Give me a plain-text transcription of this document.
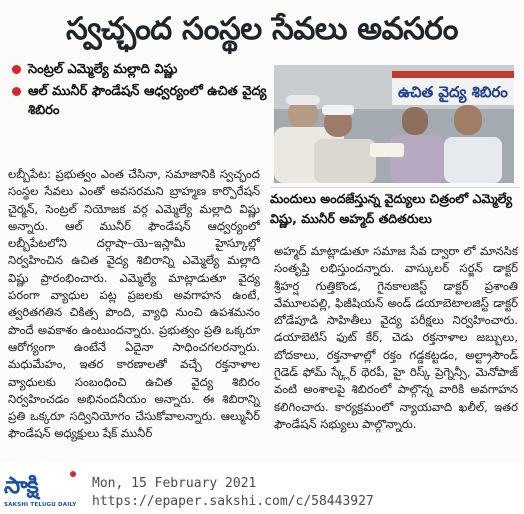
స్వచ్ఛంద సంస్థల సేవలు అవసరం
సెంట్రల్ ఎమ్మెల్యే మల్లాది విష్ణు
ఆల్ మునీర్ ఫౌండేషన్ ఆధ్వర్యంలో ఉచిత వైద్య శిబిరం
ఉచిత వైద్య శిబిరం
మందులు అందజేస్తున్న వైద్యులు చిత్రంలో ఎమ్మెల్యే విష్ణు, మునీర్ అహ్మద్ తదితరులు

లబ్బీపేట: ప్రభుత్వం ఎంత చేసినా, సమాజానికి స్వచ్ఛంద సంస్థల సేవలు ఎంతో అవసరమని బ్రాహ్మణ కార్పొరేషన్ చైర్మన్, సెంట్రల్ నియోజక వర్గ ఎమ్మెల్యే మల్లాది విష్ణు అన్నారు. ఆల్ మునీర్ ఫౌండేషన్ ఆధ్వర్యంలో లబ్బీపేటలోని దర్గాషా–యె–ఇస్లామీ హైస్కూల్లో నిర్వహించిన ఉచిత వైద్య శిబిరాన్ని ఎమ్మెల్యే మల్లాది విష్ణు ప్రారంభించారు. ఎమ్మెల్యే మాట్లాడుతూ వైద్య పరంగా వ్యాధుల పట్ల ప్రజలకు అవగాహన ఉంటే, త్వరితగతిన చికిత్స పొంది, వ్యాధి నుంచి ఉపశమనం పొందే అవకాశం ఉంటుందన్నారు. ప్రభుత్వం ప్రతి ఒక్కరూ ఆరోగ్యంగా ఉంటేనే ఏదైనా సాధించగలరన్నారు. మధుమేహం, ఇతర కారణాలతో వచ్చే రక్తనాళాల వ్యాధులకు సంబంధించి ఉచిత వైద్య శిబిరం నిర్వహించడం అభినందనీయం అన్నారు. ఈ శిబిరాన్ని ప్రతి ఒక్కరూ సద్వినియోగం చేసుకోవాలన్నారు. ఆల్మునీర్ ఫౌండేషన్ అధ్యక్షులు షేక్ మునీర్

అహ్మద్ మాట్లాడుతూ సమాజ సేవ ద్వారా లో మానసిక సంతృప్తి లభిస్తుందన్నారు. వాస్కులర్ సర్జన్ డాక్టర్ శ్రీహర్ష గుత్తికొండ, గైనకాలజిస్ట్ డాక్టర్ ప్రశాంతి వేమూలపల్లి, ఫిజీషియన్ అండ్ డయాబెటాలజిస్ట్ డాక్టర్ బోడేపూడి సాహితీలు వైద్య పరీక్షలు నిర్వహించారు. డయాబెటిస్ ఫుట్ కేర్, చెడు రక్తనాళాల జబ్బులు, బోదకాలు, రక్తనాళాల్లో రక్తం గడ్డకట్టడం, అల్ట్రాసౌండ్ గైడెడ్ ఫోమ్ స్క్లేర్ థెరపీ, హై రిస్క్ ప్రెగ్నెన్సీ, మెనోపాజ్ వంటి అంశాలపై శిబిరంలో పాల్గొన్న వారికి అవగాహన కలిగించారు. కార్యక్రమంలో న్యాయవాది ఖలీల్, ఇతర ఫౌండేషన్ సభ్యులు పాల్గొన్నారు.

సాక్షి
SAKSHI TELUGU DAILY
Mon, 15 February 2021
https://epaper.sakshi.com/c/58443927
